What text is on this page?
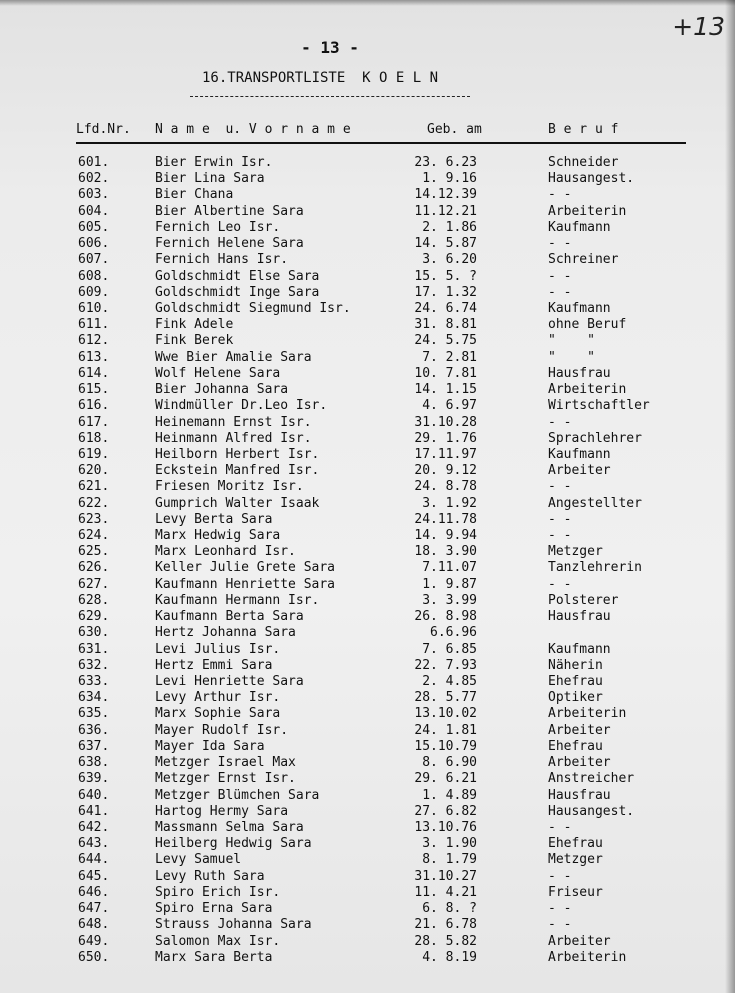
+13
- 13 -
16.TRANSPORTLISTE  K O E L N
Lfd.Nr. N a m e  u. V o r n a m e	Geb. am	B e r u f
601.	Bier Erwin Isr.	23. 6.23	Schneider
602.	Bier Lina Sara	1. 9.16	Hausangest.
603.	Bier Chana	14.12.39	- -
604.	Bier Albertine Sara	11.12.21	Arbeiterin
605.	Fernich Leo Isr.	2. 1.86	Kaufmann
606.	Fernich Helene Sara	14. 5.87	- -
607.	Fernich Hans Isr.	3. 6.20	Schreiner
608.	Goldschmidt Else Sara	15. 5. ?	- -
609.	Goldschmidt Inge Sara	17. 1.32	- -
610.	Goldschmidt Siegmund Isr.	24. 6.74	Kaufmann
611.	Fink Adele	31. 8.81	ohne Beruf
612.	Fink Berek	24. 5.75	"    "
613.	Wwe Bier Amalie Sara	7. 2.81	"    "
614.	Wolf Helene Sara	10. 7.81	Hausfrau
615.	Bier Johanna Sara	14. 1.15	Arbeiterin
616.	Windmüller Dr.Leo Isr.	4. 6.97	Wirtschaftler
617.	Heinemann Ernst Isr.	31.10.28	- -
618.	Heinmann Alfred Isr.	29. 1.76	Sprachlehrer
619.	Heilborn Herbert Isr.	17.11.97	Kaufmann
620.	Eckstein Manfred Isr.	20. 9.12	Arbeiter
621.	Friesen Moritz Isr.	24. 8.78	- -
622.	Gumprich Walter Isaak	3. 1.92	Angestellter
623.	Levy Berta Sara	24.11.78	- -
624.	Marx Hedwig Sara	14. 9.94	- -
625.	Marx Leonhard Isr.	18. 3.90	Metzger
626.	Keller Julie Grete Sara	7.11.07	Tanzlehrerin
627.	Kaufmann Henriette Sara	1. 9.87	- -
628.	Kaufmann Hermann Isr.	3. 3.99	Polsterer
629.	Kaufmann Berta Sara	26. 8.98	Hausfrau
630.	Hertz Johanna Sara	6.6.96
631.	Levi Julius Isr.	7. 6.85	Kaufmann
632.	Hertz Emmi Sara	22. 7.93	Näherin
633.	Levi Henriette Sara	2. 4.85	Ehefrau
634.	Levy Arthur Isr.	28. 5.77	Optiker
635.	Marx Sophie Sara	13.10.02	Arbeiterin
636.	Mayer Rudolf Isr.	24. 1.81	Arbeiter
637.	Mayer Ida Sara	15.10.79	Ehefrau
638.	Metzger Israel Max	8. 6.90	Arbeiter
639.	Metzger Ernst Isr.	29. 6.21	Anstreicher
640.	Metzger Blümchen Sara	1. 4.89	Hausfrau
641.	Hartog Hermy Sara	27. 6.82	Hausangest.
642.	Massmann Selma Sara	13.10.76	- -
643.	Heilberg Hedwig Sara	3. 1.90	Ehefrau
644.	Levy Samuel	8. 1.79	Metzger
645.	Levy Ruth Sara	31.10.27	- -
646.	Spiro Erich Isr.	11. 4.21	Friseur
647.	Spiro Erna Sara	6. 8. ?	- -
648.	Strauss Johanna Sara	21. 6.78	- -
649.	Salomon Max Isr.	28. 5.82	Arbeiter
650.	Marx Sara Berta	4. 8.19	Arbeiterin
